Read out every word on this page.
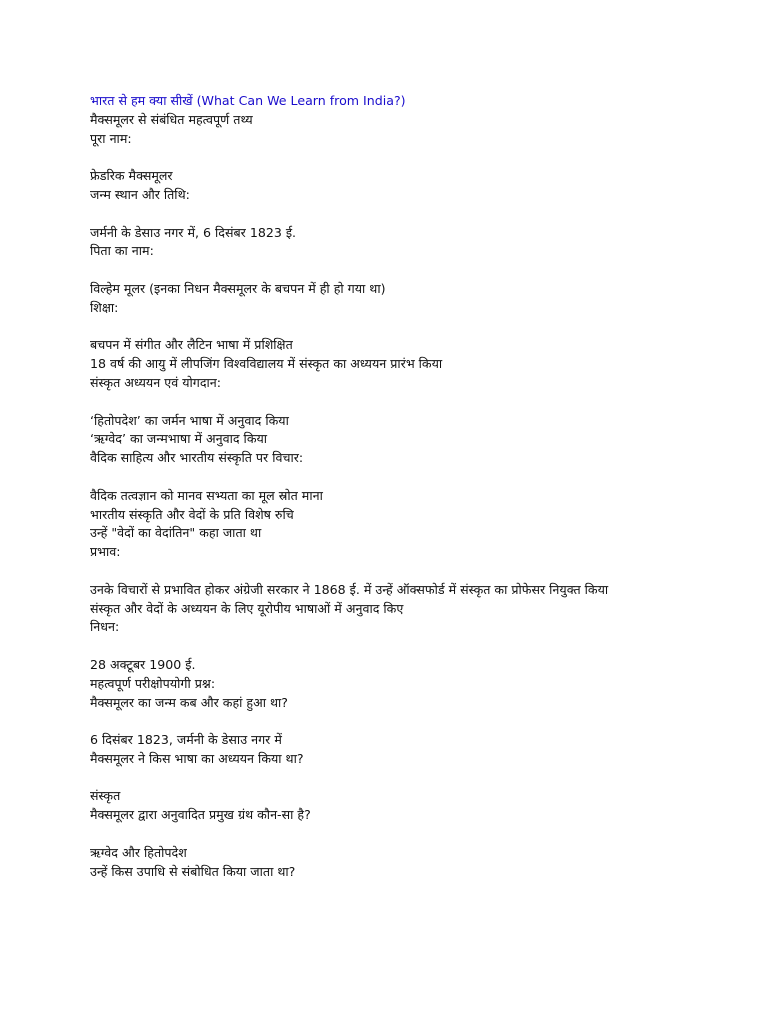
भारत से हम क्या सीखें (What Can We Learn from India?)
मैक्समूलर से संबंधित महत्वपूर्ण तथ्य
पूरा नाम:
फ्रेडरिक मैक्समूलर
जन्म स्थान और तिथि:
जर्मनी के डेसाउ नगर में, 6 दिसंबर 1823 ई.
पिता का नाम:
विल्हेम मूलर (इनका निधन मैक्समूलर के बचपन में ही हो गया था)
शिक्षा:
बचपन में संगीत और लैटिन भाषा में प्रशिक्षित
18 वर्ष की आयु में लीपजिंग विश्वविद्यालय में संस्कृत का अध्ययन प्रारंभ किया
संस्कृत अध्ययन एवं योगदान:
‘हितोपदेश’ का जर्मन भाषा में अनुवाद किया
‘ऋग्वेद’ का जन्मभाषा में अनुवाद किया
वैदिक साहित्य और भारतीय संस्कृति पर विचार:
वैदिक तत्वज्ञान को मानव सभ्यता का मूल स्रोत माना
भारतीय संस्कृति और वेदों के प्रति विशेष रुचि
उन्हें "वेदों का वेदांतिन" कहा जाता था
प्रभाव:
उनके विचारों से प्रभावित होकर अंग्रेजी सरकार ने 1868 ई. में उन्हें ऑक्सफोर्ड में संस्कृत का प्रोफेसर नियुक्त किया
संस्कृत और वेदों के अध्ययन के लिए यूरोपीय भाषाओं में अनुवाद किए
निधन:
28 अक्टूबर 1900 ई.
महत्वपूर्ण परीक्षोपयोगी प्रश्न:
मैक्समूलर का जन्म कब और कहां हुआ था?
6 दिसंबर 1823, जर्मनी के डेसाउ नगर में
मैक्समूलर ने किस भाषा का अध्ययन किया था?
संस्कृत
मैक्समूलर द्वारा अनुवादित प्रमुख ग्रंथ कौन-सा है?
ऋग्वेद और हितोपदेश
उन्हें किस उपाधि से संबोधित किया जाता था?
